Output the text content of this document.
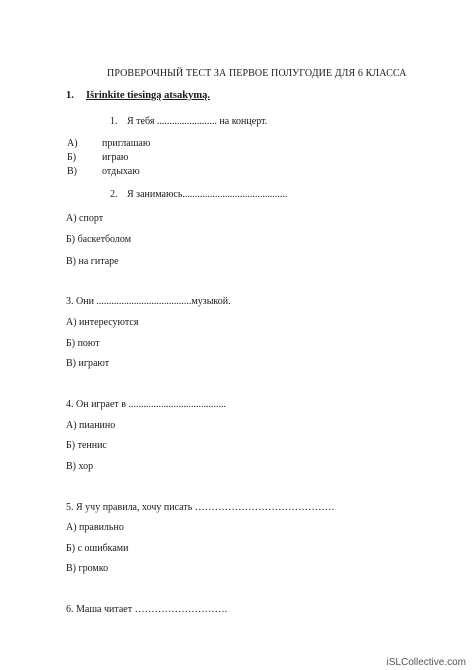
ПРОВЕРОЧНЫЙ ТЕСТ ЗА ПЕРВОЕ ПОЛУГОДИЕ ДЛЯ 6 КЛАССА
1. Išrinkite tiesingą atsakymą.
1. Я тебя ........................ на концерт.
А) приглашаю
Б)	играю
В)	отдыхаю
2. Я занимаюсь..........................................
А) спорт
Б) баскетболом
В) на гитаре
3. Они ......................................музыкой.
А) интересуются
Б) поют
В) играют
4. Он играет в .......................................
А) пианино
Б) теннис
В) хор
5. Я учу правила, хочу писать ……………………………………
А) правильно
Б) с ошибками
В) громко
6. Маша читает ……………………….
iSLCollective.com
